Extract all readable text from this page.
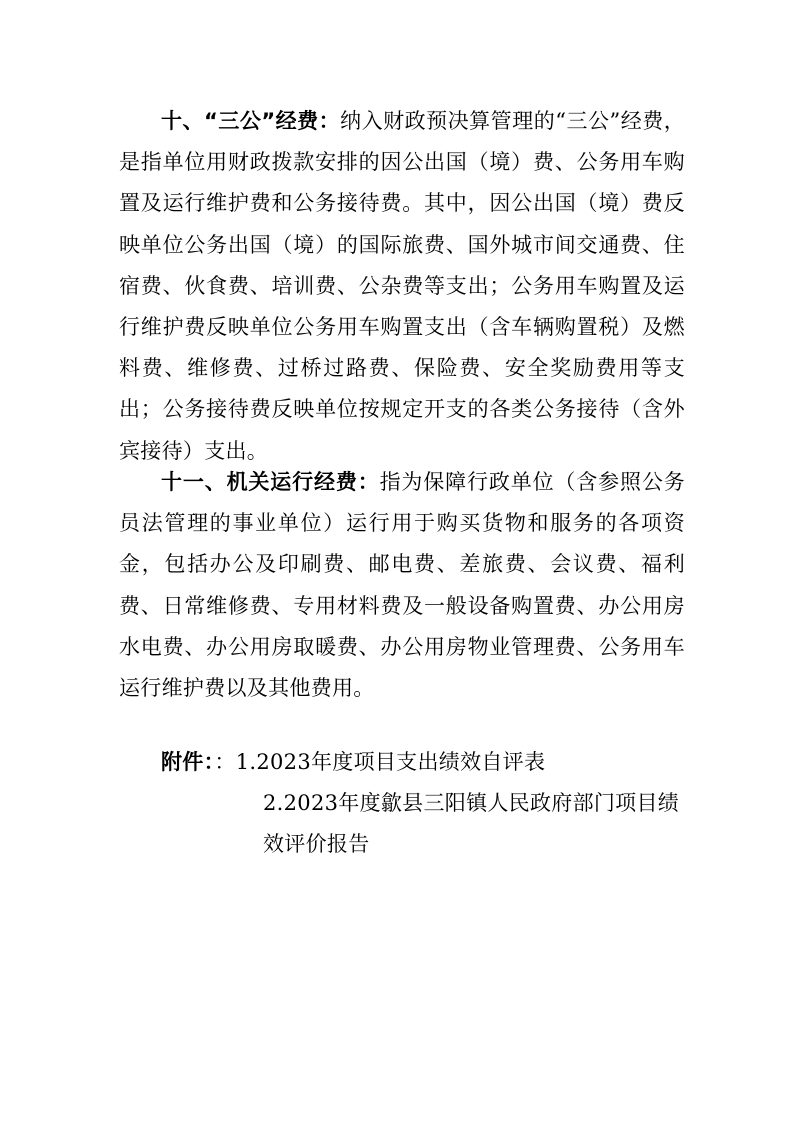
十、“三公”经费：纳入财政预决算管理的“三公”经费，是指单位用财政拨款安排的因公出国（境）费、公务用车购置及运行维护费和公务接待费。其中，因公出国（境）费反映单位公务出国（境）的国际旅费、国外城市间交通费、住宿费、伙食费、培训费、公杂费等支出；公务用车购置及运行维护费反映单位公务用车购置支出（含车辆购置税）及燃料费、维修费、过桥过路费、保险费、安全奖励费用等支出；公务接待费反映单位按规定开支的各类公务接待（含外宾接待）支出。

十一、机关运行经费：指为保障行政单位（含参照公务员法管理的事业单位）运行用于购买货物和服务的各项资金，包括办公及印刷费、邮电费、差旅费、会议费、福利费、日常维修费、专用材料费及一般设备购置费、办公用房水电费、办公用房取暖费、办公用房物业管理费、公务用车运行维护费以及其他费用。

附件：：1.2023年度项目支出绩效自评表
2.2023年度歙县三阳镇人民政府部门项目绩效评价报告
